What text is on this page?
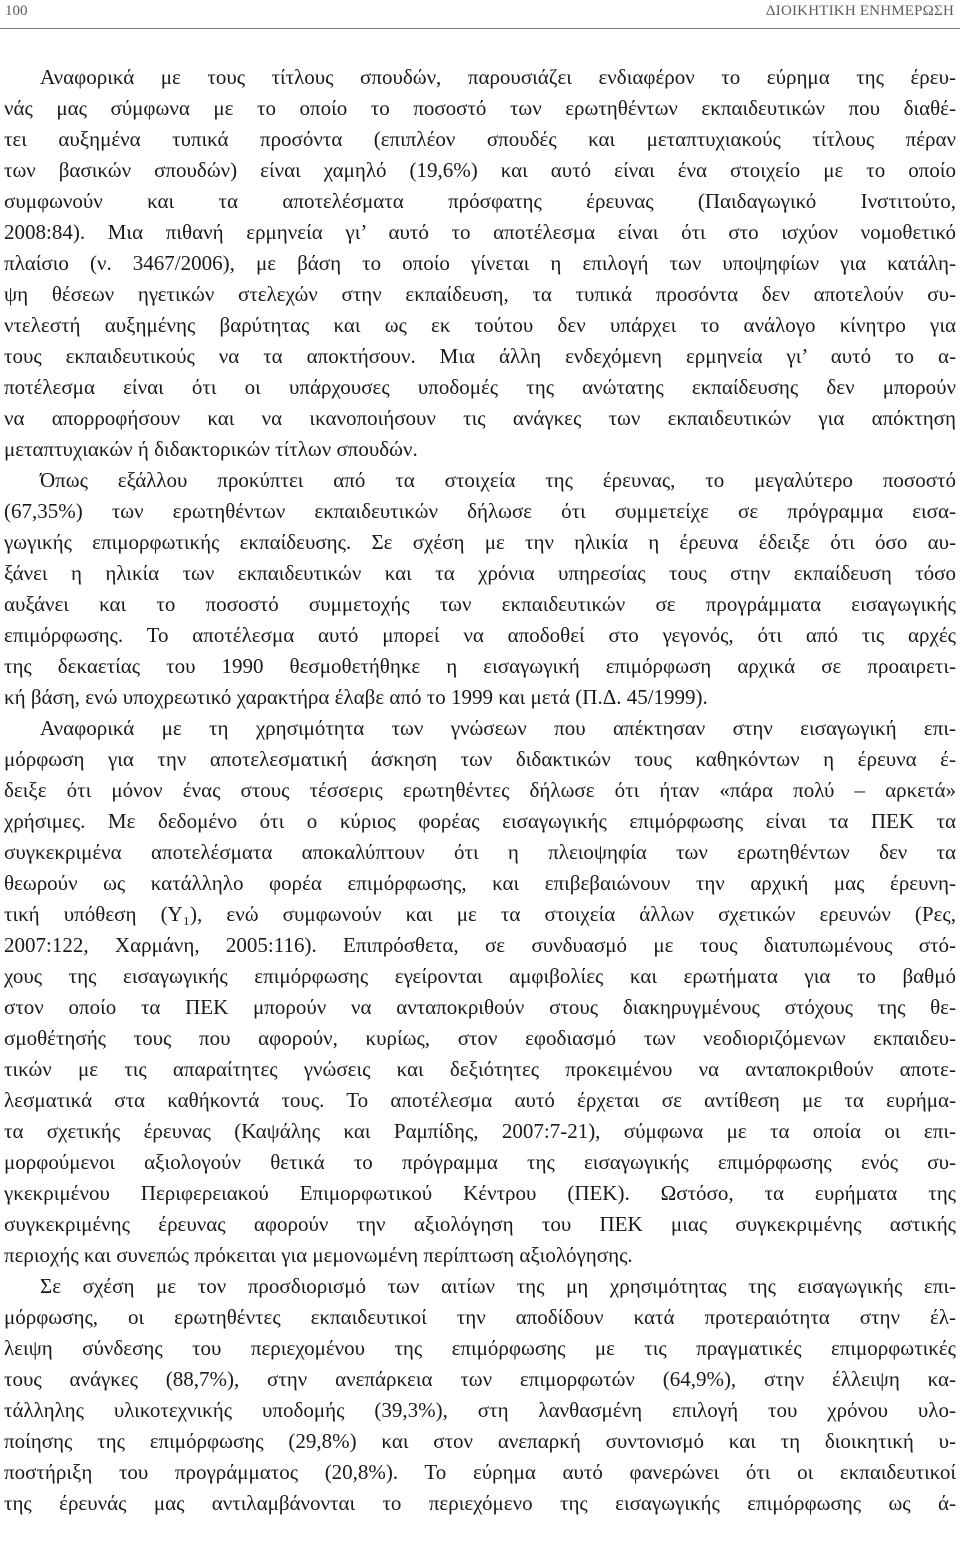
100	ΔΙΟΙΚΗΤΙΚΗ ΕΝΗΜΕΡΩΣΗ
Αναφορικά με τους τίτλους σπουδών, παρουσιάζει ενδιαφέρον το εύρημα της έρευ-
νάς μας σύμφωνα με το οποίο το ποσοστό των ερωτηθέντων εκπαιδευτικών που διαθέ-
τει αυξημένα τυπικά προσόντα (επιπλέον σπουδές και μεταπτυχιακούς τίτλους πέραν
των βασικών σπουδών) είναι χαμηλό (19,6%) και αυτό είναι ένα στοιχείο με το οποίο
συμφωνούν και τα αποτελέσματα πρόσφατης έρευνας (Παιδαγωγικό Ινστιτούτο,
2008:84). Μια πιθανή ερμηνεία γι’ αυτό το αποτέλεσμα είναι ότι στο ισχύον νομοθετικό
πλαίσιο (ν. 3467/2006), με βάση το οποίο γίνεται η επιλογή των υποψηφίων για κατάλη-
ψη θέσεων ηγετικών στελεχών στην εκπαίδευση, τα τυπικά προσόντα δεν αποτελούν συ-
ντελεστή αυξημένης βαρύτητας και ως εκ τούτου δεν υπάρχει το ανάλογο κίνητρο για
τους εκπαιδευτικούς να τα αποκτήσουν. Μια άλλη ενδεχόμενη ερμηνεία γι’ αυτό το α-
ποτέλεσμα είναι ότι οι υπάρχουσες υποδομές της ανώτατης εκπαίδευσης δεν μπορούν
να απορροφήσουν και να ικανοποιήσουν τις ανάγκες των εκπαιδευτικών για απόκτηση
μεταπτυχιακών ή διδακτορικών τίτλων σπουδών.
Όπως εξάλλου προκύπτει από τα στοιχεία της έρευνας, το μεγαλύτερο ποσοστό
(67,35%) των ερωτηθέντων εκπαιδευτικών δήλωσε ότι συμμετείχε σε πρόγραμμα εισα-
γωγικής επιμορφωτικής εκπαίδευσης. Σε σχέση με την ηλικία η έρευνα έδειξε ότι όσο αυ-
ξάνει η ηλικία των εκπαιδευτικών και τα χρόνια υπηρεσίας τους στην εκπαίδευση τόσο
αυξάνει και το ποσοστό συμμετοχής των εκπαιδευτικών σε προγράμματα εισαγωγικής
επιμόρφωσης. Το αποτέλεσμα αυτό μπορεί να αποδοθεί στο γεγονός, ότι από τις αρχές
της δεκαετίας του 1990 θεσμοθετήθηκε η εισαγωγική επιμόρφωση αρχικά σε προαιρετι-
κή βάση, ενώ υποχρεωτικό χαρακτήρα έλαβε από το 1999 και μετά (Π.Δ. 45/1999).
Αναφορικά με τη χρησιμότητα των γνώσεων που απέκτησαν στην εισαγωγική επι-
μόρφωση για την αποτελεσματική άσκηση των διδακτικών τους καθηκόντων η έρευνα έ-
δειξε ότι μόνον ένας στους τέσσερις ερωτηθέντες δήλωσε ότι ήταν «πάρα πολύ – αρκετά»
χρήσιμες. Με δεδομένο ότι ο κύριος φορέας εισαγωγικής επιμόρφωσης είναι τα ΠΕΚ τα
συγκεκριμένα αποτελέσματα αποκαλύπτουν ότι η πλειοψηφία των ερωτηθέντων δεν τα
θεωρούν ως κατάλληλο φορέα επιμόρφωσης, και επιβεβαιώνουν την αρχική μας έρευνη-
τική υπόθεση (Υ₁), ενώ συμφωνούν και με τα στοιχεία άλλων σχετικών ερευνών (Ρες,
2007:122, Χαρμάνη, 2005:116). Επιπρόσθετα, σε συνδυασμό με τους διατυπωμένους στό-
χους της εισαγωγικής επιμόρφωσης εγείρονται αμφιβολίες και ερωτήματα για το βαθμό
στον οποίο τα ΠΕΚ μπορούν να ανταποκριθούν στους διακηρυγμένους στόχους της θε-
σμοθέτησής τους που αφορούν, κυρίως, στον εφοδιασμό των νεοδιοριζόμενων εκπαιδευ-
τικών με τις απαραίτητες γνώσεις και δεξιότητες προκειμένου να ανταποκριθούν αποτε-
λεσματικά στα καθήκοντά τους. Το αποτέλεσμα αυτό έρχεται σε αντίθεση με τα ευρήμα-
τα σχετικής έρευνας (Καψάλης και Ραμπίδης, 2007:7-21), σύμφωνα με τα οποία οι επι-
μορφούμενοι αξιολογούν θετικά το πρόγραμμα της εισαγωγικής επιμόρφωσης ενός συ-
γκεκριμένου Περιφερειακού Επιμορφωτικού Κέντρου (ΠΕΚ). Ωστόσο, τα ευρήματα της
συγκεκριμένης έρευνας αφορούν την αξιολόγηση του ΠΕΚ μιας συγκεκριμένης αστικής
περιοχής και συνεπώς πρόκειται για μεμονωμένη περίπτωση αξιολόγησης.
Σε σχέση με τον προσδιορισμό των αιτίων της μη χρησιμότητας της εισαγωγικής επι-
μόρφωσης, οι ερωτηθέντες εκπαιδευτικοί την αποδίδουν κατά προτεραιότητα στην έλ-
λειψη σύνδεσης του περιεχομένου της επιμόρφωσης με τις πραγματικές επιμορφωτικές
τους ανάγκες (88,7%), στην ανεπάρκεια των επιμορφωτών (64,9%), στην έλλειψη κα-
τάλληλης υλικοτεχνικής υποδομής (39,3%), στη λανθασμένη επιλογή του χρόνου υλο-
ποίησης της επιμόρφωσης (29,8%) και στον ανεπαρκή συντονισμό και τη διοικητική υ-
ποστήριξη του προγράμματος (20,8%). Το εύρημα αυτό φανερώνει ότι οι εκπαιδευτικοί
της έρευνάς μας αντιλαμβάνονται το περιεχόμενο της εισαγωγικής επιμόρφωσης ως ά-
